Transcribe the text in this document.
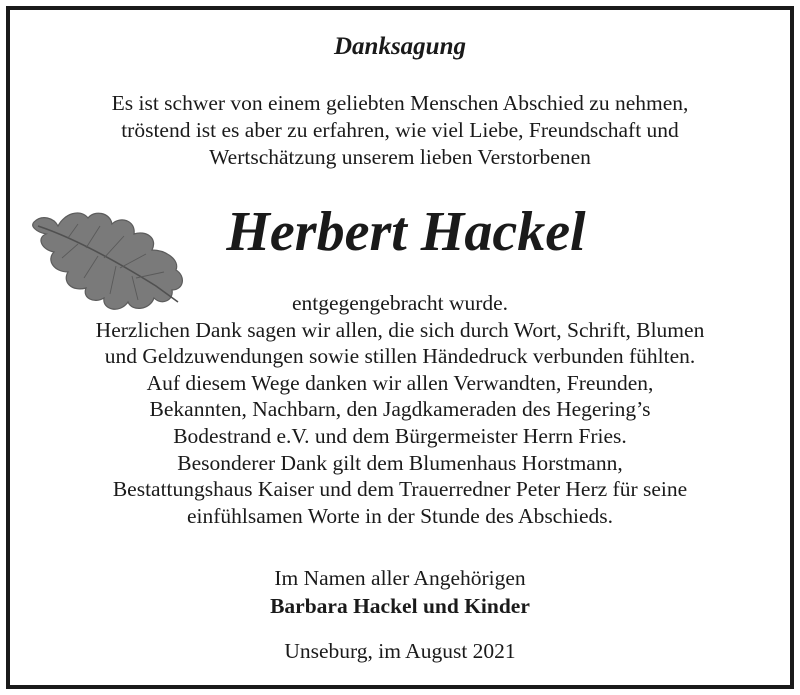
Danksagung
Es ist schwer von einem geliebten Menschen Abschied zu nehmen,
tröstend ist es aber zu erfahren, wie viel Liebe, Freundschaft und
Wertschätzung unserem lieben Verstorbenen
Herbert Hackel
entgegengebracht wurde.
Herzlichen Dank sagen wir allen, die sich durch Wort, Schrift, Blumen
und Geldzuwendungen sowie stillen Händedruck verbunden fühlten.
Auf diesem Wege danken wir allen Verwandten, Freunden,
Bekannten, Nachbarn, den Jagdkameraden des Hegering’s
Bodestrand e.V. und dem Bürgermeister Herrn Fries.
Besonderer Dank gilt dem Blumenhaus Horstmann,
Bestattungshaus Kaiser und dem Trauerredner Peter Herz für seine
einfühlsamen Worte in der Stunde des Abschieds.
Im Namen aller Angehörigen
Barbara Hackel und Kinder
Unseburg, im August 2021
